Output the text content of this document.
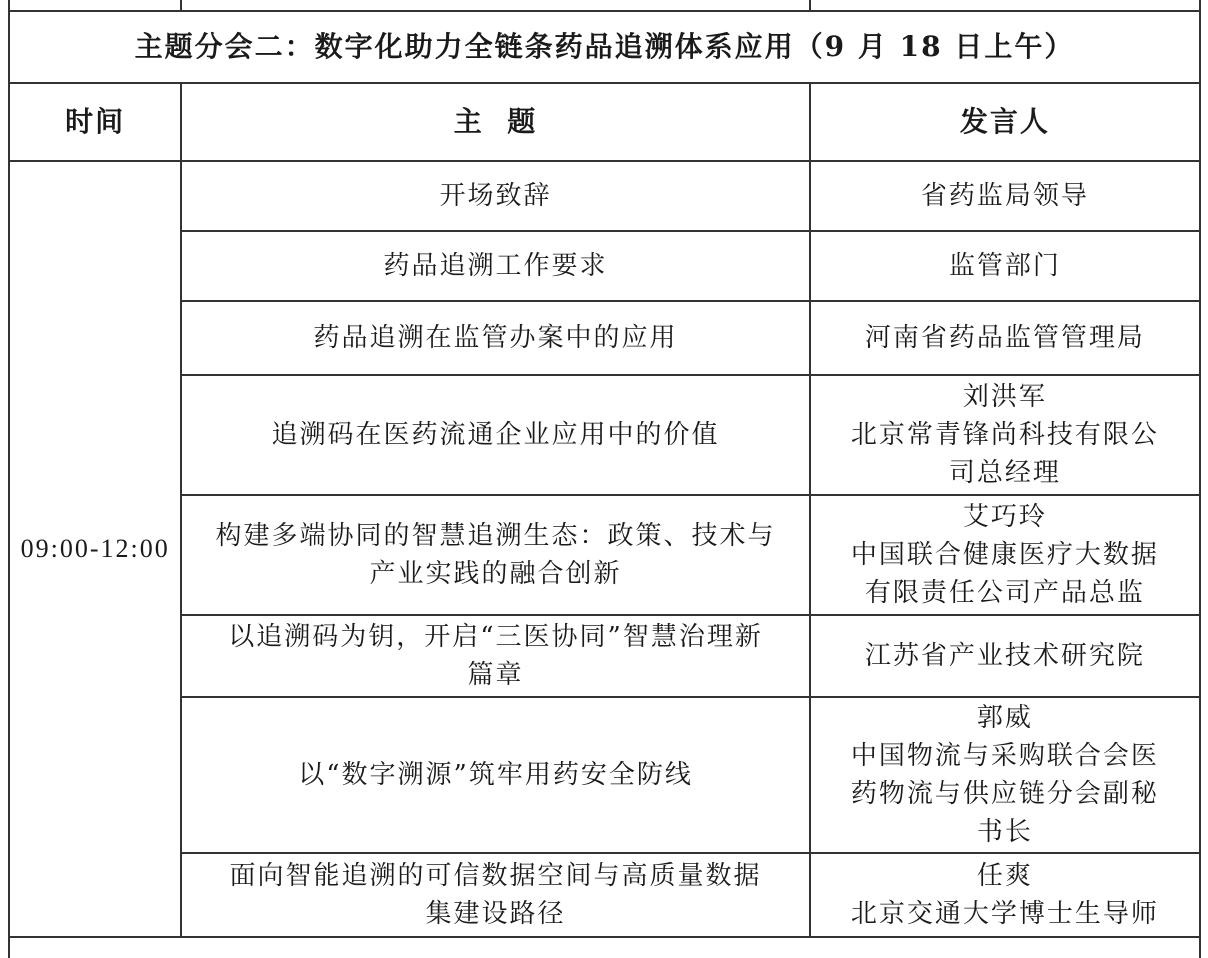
主题分会二：数字化助力全链条药品追溯体系应用（9 月 18 日上午）		
时间	主  题	发言人
09:00-12:00	开场致辞	省药监局领导

	药品追溯工作要求	监管部门

	药品追溯在监管办案中的应用	河南省药品监管管理局

	追溯码在医药流通企业应用中的价值	刘洪军
北京常青锋尚科技有限公
司总经理

	构建多端协同的智慧追溯生态：政策、技术与
产业实践的融合创新	艾巧玲
中国联合健康医疗大数据
有限责任公司产品总监

	以追溯码为钥，开启“三医协同”智慧治理新
篇章	江苏省产业技术研究院

	以“数字溯源”筑牢用药安全防线	郭威
中国物流与采购联合会医
药物流与供应链分会副秘
书长

	面向智能追溯的可信数据空间与高质量数据
集建设路径	任爽
北京交通大学博士生导师
